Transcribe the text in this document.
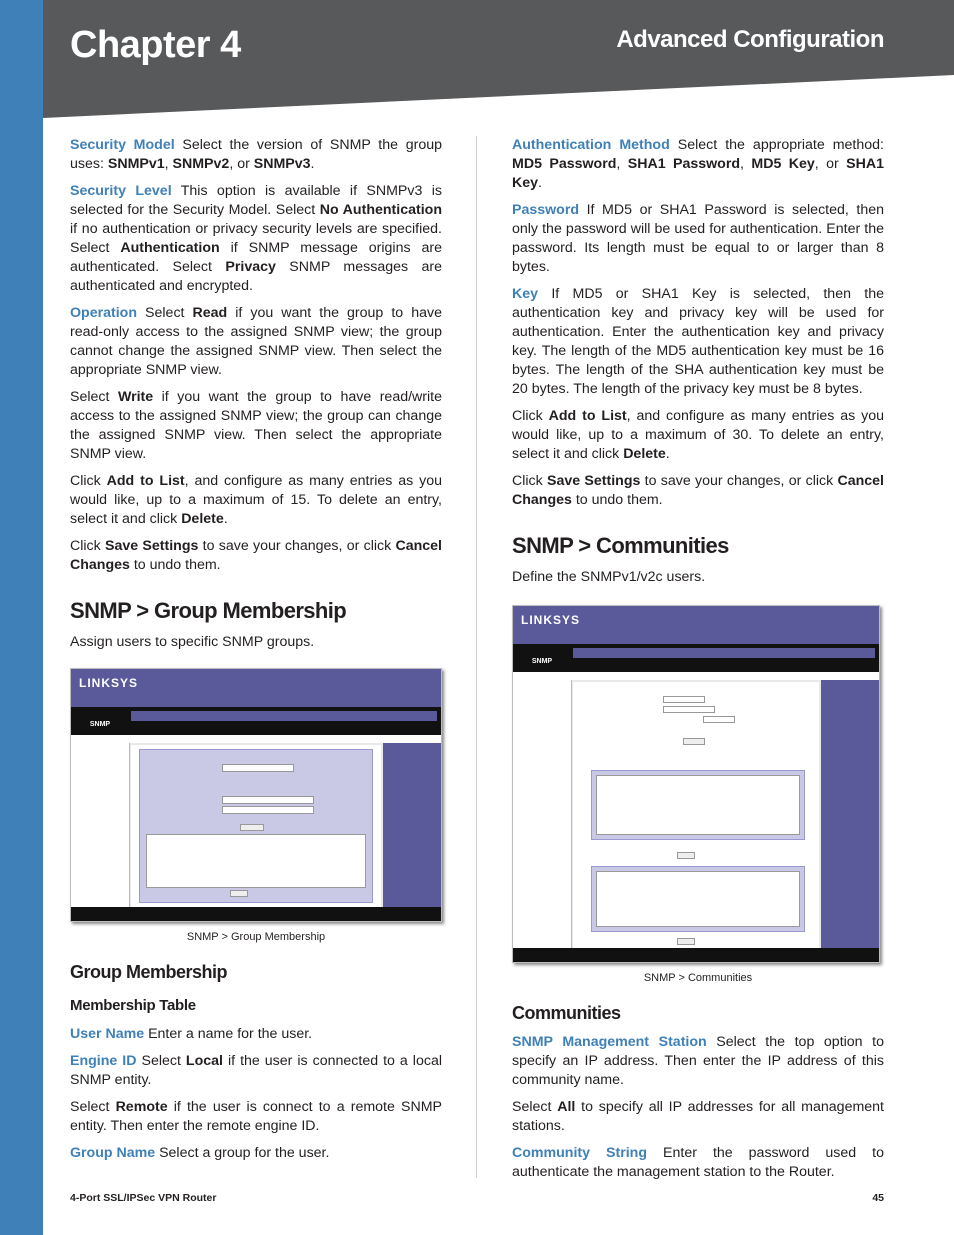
Chapter 4	Advanced Configuration

Security Model Select the version of SNMP the group uses: SNMPv1, SNMPv2, or SNMPv3.

Security Level This option is available if SNMPv3 is selected for the Security Model. Select No Authentication if no authentication or privacy security levels are specified. Select Authentication if SNMP message origins are authenticated. Select Privacy SNMP messages are authenticated and encrypted.

Operation Select Read if you want the group to have read-only access to the assigned SNMP view; the group cannot change the assigned SNMP view. Then select the appropriate SNMP view.

Select Write if you want the group to have read/write access to the assigned SNMP view; the group can change the assigned SNMP view. Then select the appropriate SNMP view.

Click Add to List, and configure as many entries as you would like, up to a maximum of 15. To delete an entry, select it and click Delete.

Click Save Settings to save your changes, or click Cancel Changes to undo them.

SNMP > Group Membership

Assign users to specific SNMP groups.

LINKSYS
SNMP
SNMP > Group Membership
Group Membership
Membership Table

User Name Enter a name for the user.

Engine ID Select Local if the user is connected to a local SNMP entity.

Select Remote if the user is connect to a remote SNMP entity. Then enter the remote engine ID.

Group Name Select a group for the user.

Authentication Method Select the appropriate method: MD5 Password, SHA1 Password, MD5 Key, or SHA1 Key.

Password If MD5 or SHA1 Password is selected, then only the password will be used for authentication. Enter the password. Its length must be equal to or larger than 8 bytes.

Key If MD5 or SHA1 Key is selected, then the authentication key and privacy key will be used for authentication. Enter the authentication key and privacy key. The length of the MD5 authentication key must be 16 bytes. The length of the SHA authentication key must be 20 bytes. The length of the privacy key must be 8 bytes.

Click Add to List, and configure as many entries as you would like, up to a maximum of 30. To delete an entry, select it and click Delete.

Click Save Settings to save your changes, or click Cancel Changes to undo them.

SNMP > Communities

Define the SNMPv1/v2c users.

LINKSYS
SNMP
SNMP > Communities
Communities

SNMP Management Station Select the top option to specify an IP address. Then enter the IP address of this community name.

Select All to specify all IP addresses for all management stations.

Community String Enter the password used to authenticate the management station to the Router.

4-Port SSL/IPSec VPN Router	45
